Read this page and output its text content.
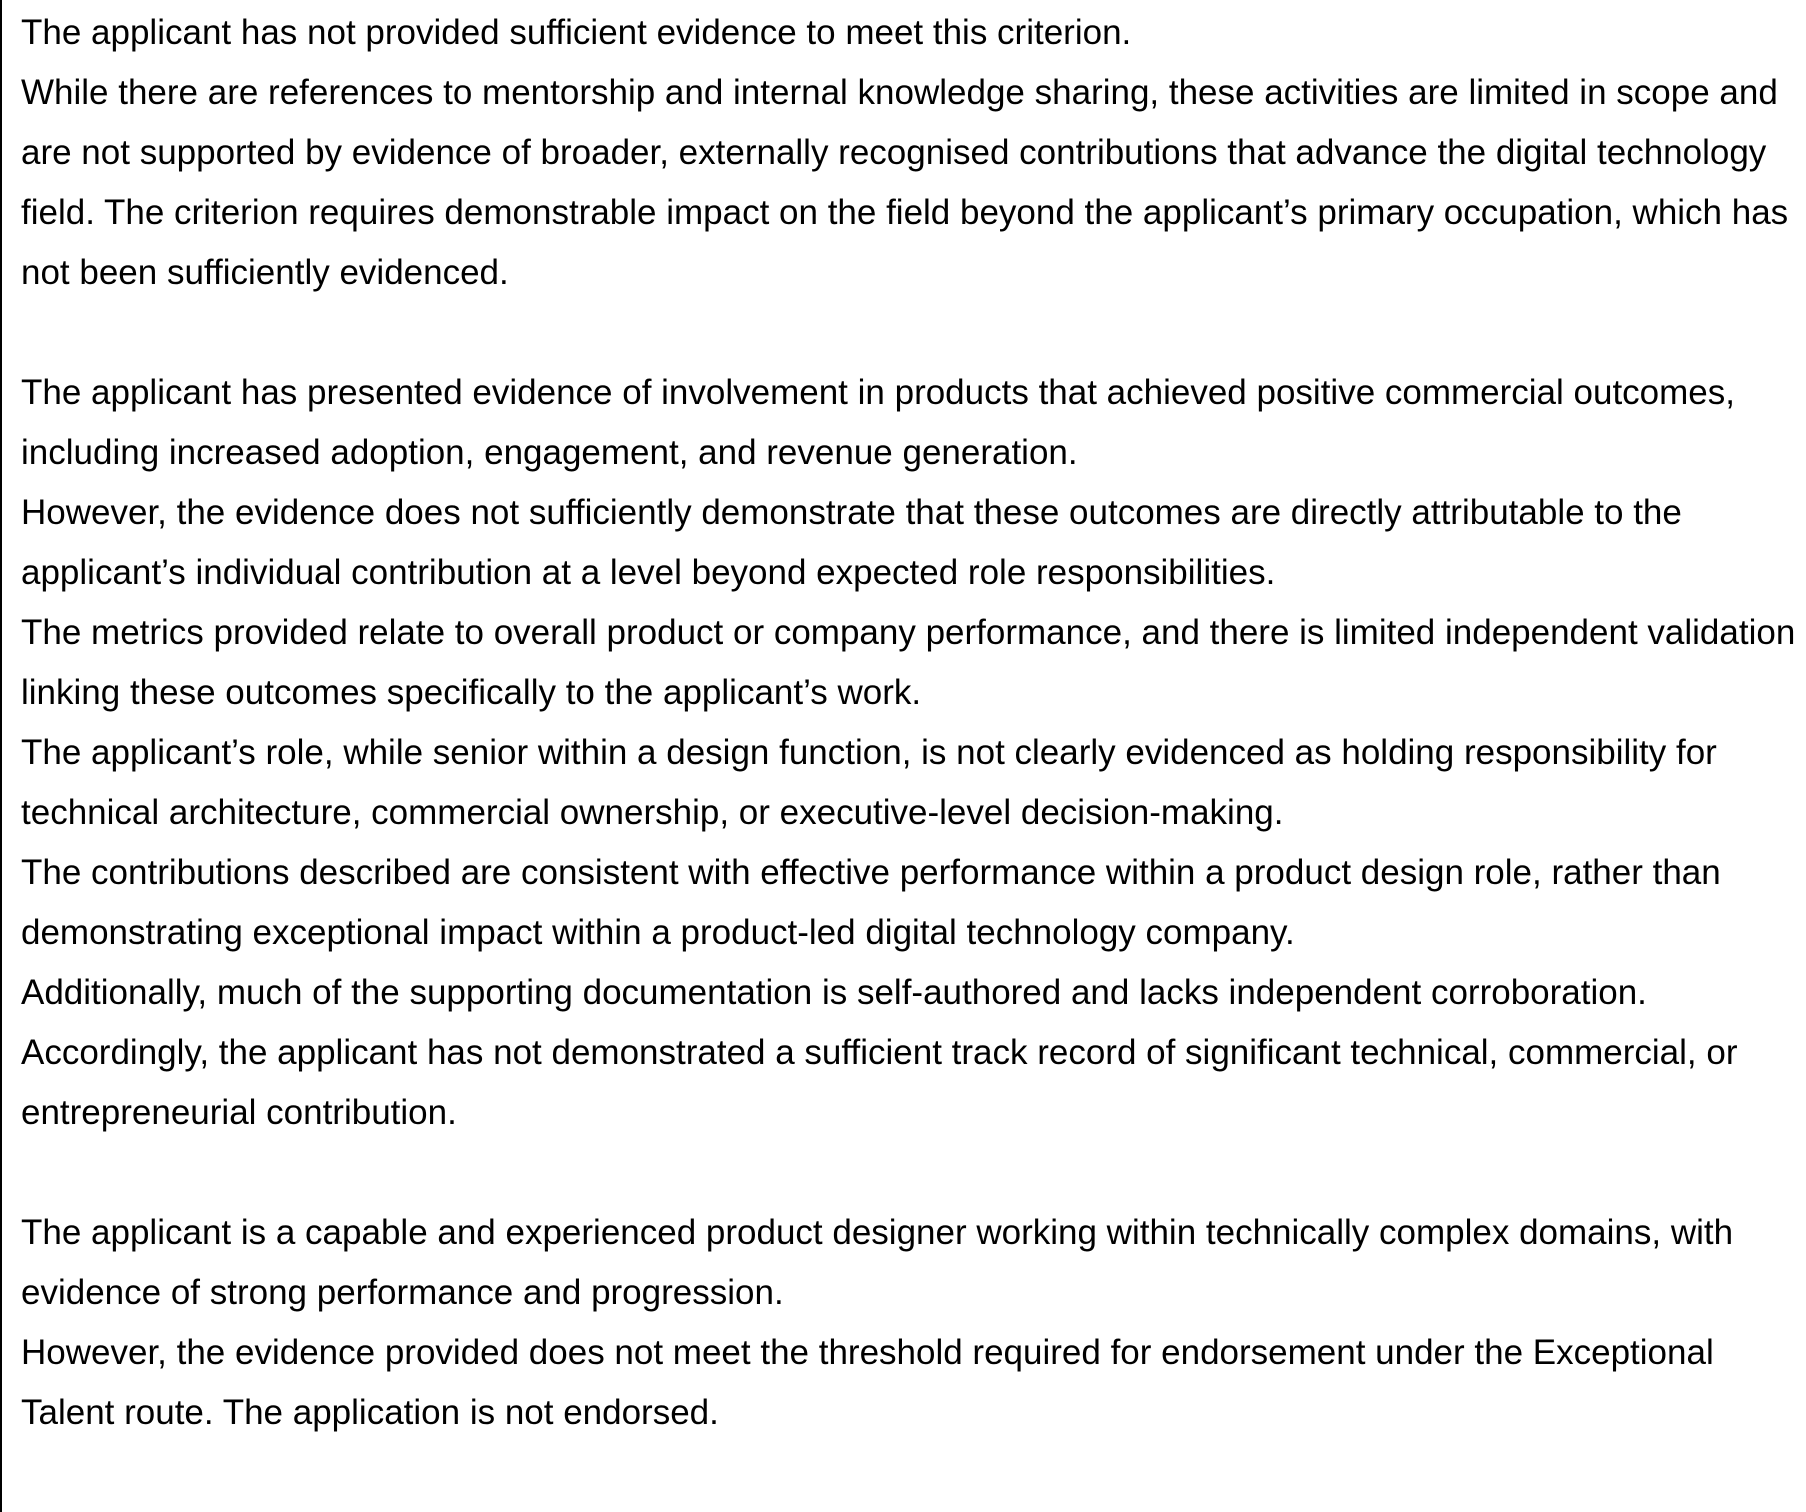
The applicant has not provided sufficient evidence to meet this criterion.

While there are references to mentorship and internal knowledge sharing, these activities are limited in scope and are not supported by evidence of broader, externally recognised contributions that advance the digital technology field. The criterion requires demonstrable impact on the field beyond the applicant’s primary occupation, which has not been sufficiently evidenced.

The applicant has presented evidence of involvement in products that achieved positive commercial outcomes, including increased adoption, engagement, and revenue generation.

However, the evidence does not sufficiently demonstrate that these outcomes are directly attributable to the applicant’s individual contribution at a level beyond expected role responsibilities.

The metrics provided relate to overall product or company performance, and there is limited independent validation linking these outcomes specifically to the applicant’s work.

The applicant’s role, while senior within a design function, is not clearly evidenced as holding responsibility for technical architecture, commercial ownership, or executive-level decision-making.

The contributions described are consistent with effective performance within a product design role, rather than demonstrating exceptional impact within a product-led digital technology company.

Additionally, much of the supporting documentation is self-authored and lacks independent corroboration.

Accordingly, the applicant has not demonstrated a sufficient track record of significant technical, commercial, or entrepreneurial contribution.

The applicant is a capable and experienced product designer working within technically complex domains, with evidence of strong performance and progression.

However, the evidence provided does not meet the threshold required for endorsement under the Exceptional Talent route. The application is not endorsed.
